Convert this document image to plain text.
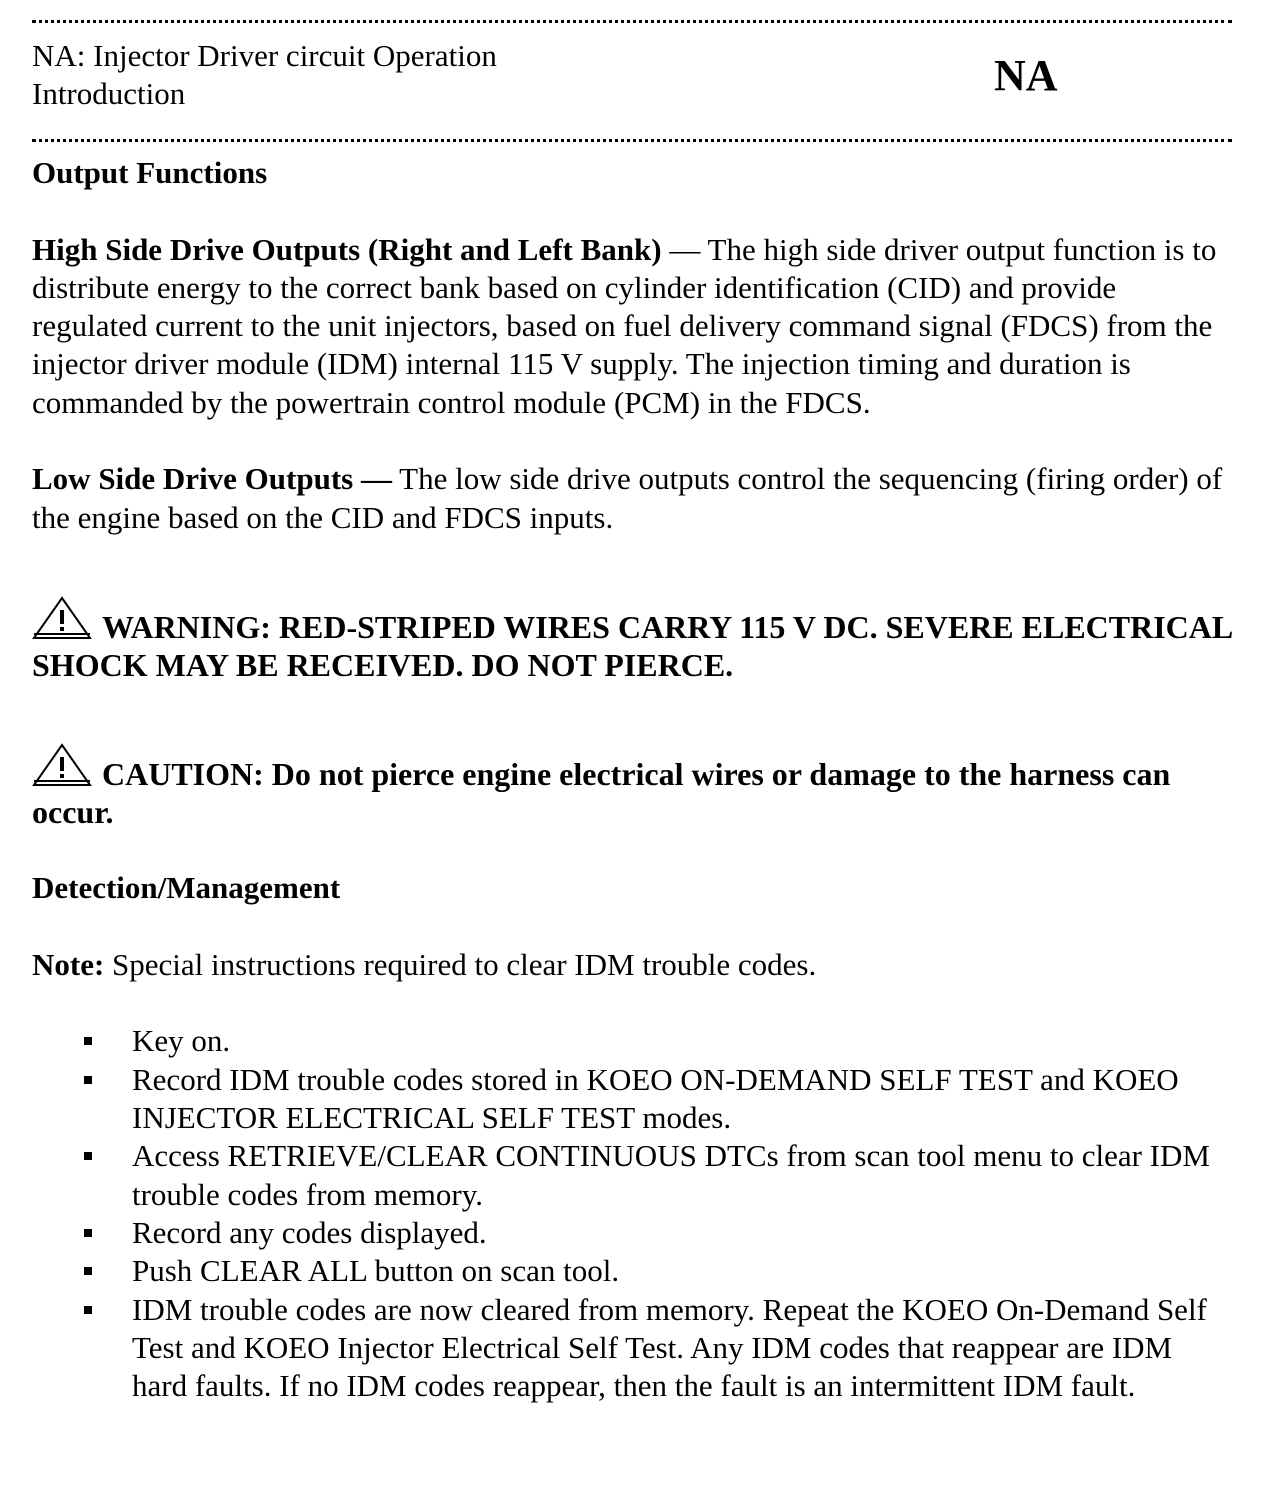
NA: Injector Driver circuit Operation
Introduction	NA

Output Functions

High Side Drive Outputs (Right and Left Bank) — The high side driver output function is to distribute energy to the correct bank based on cylinder identification (CID) and provide regulated current to the unit injectors, based on fuel delivery command signal (FDCS) from the injector driver module (IDM) internal 115 V supply. The injection timing and duration is commanded by the powertrain control module (PCM) in the FDCS.

Low Side Drive Outputs — The low side drive outputs control the sequencing (firing order) of the engine based on the CID and FDCS inputs.

WARNING: RED-STRIPED WIRES CARRY 115 V DC. SEVERE ELECTRICAL SHOCK MAY BE RECEIVED. DO NOT PIERCE.

CAUTION: Do not pierce engine electrical wires or damage to the harness can occur.

Detection/Management

Note: Special instructions required to clear IDM trouble codes.

Key on.
Record IDM trouble codes stored in KOEO ON-DEMAND SELF TEST and KOEO INJECTOR ELECTRICAL SELF TEST modes.
Access RETRIEVE/CLEAR CONTINUOUS DTCs from scan tool menu to clear IDM trouble codes from memory.
Record any codes displayed.
Push CLEAR ALL button on scan tool.
IDM trouble codes are now cleared from memory. Repeat the KOEO On-Demand Self Test and KOEO Injector Electrical Self Test. Any IDM codes that reappear are IDM hard faults. If no IDM codes reappear, then the fault is an intermittent IDM fault.
